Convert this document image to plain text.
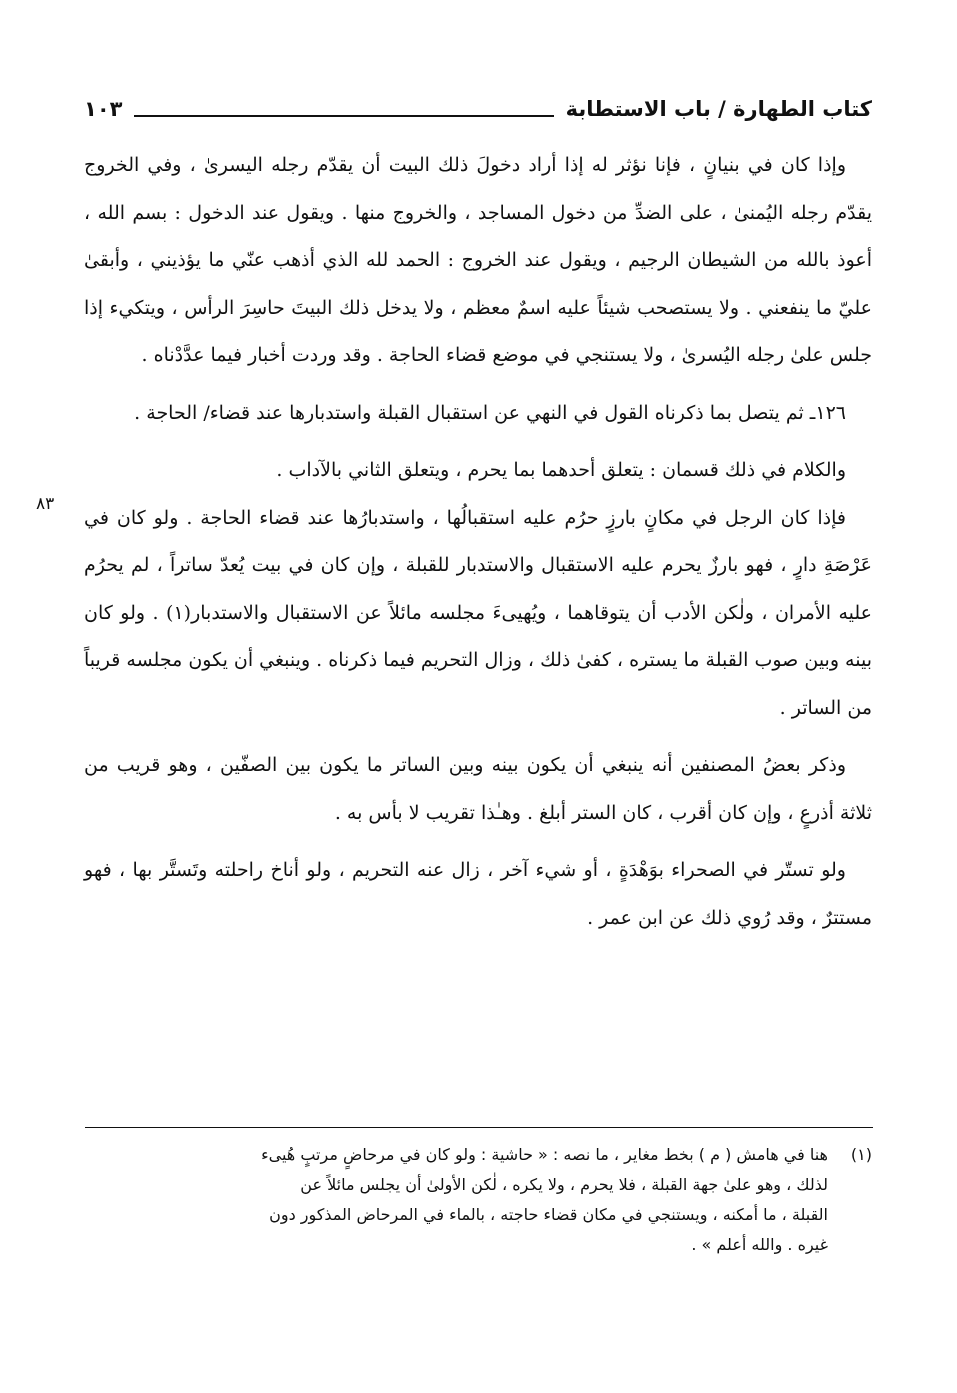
كتاب الطهارة / باب الاستطابة
١٠٣
٨٣

وإذا كان في بنيانٍ ، فإنا نؤثر له إذا أراد دخولَ ذلك البيت أن يقدّم رجله اليسرىٰ ، وفي الخروج يقدّم رجله اليُمنىٰ ، على الضدِّ من دخول المساجد ، والخروج منها . ويقول عند الدخول : بسم الله ، أعوذ بالله من الشيطان الرجيم ، ويقول عند الخروج : الحمد لله الذي أذهب عنّي ما يؤذيني ، وأبقىٰ عليّ ما ينفعني . ولا يستصحب شيئاً عليه اسمٌ معظم ، ولا يدخل ذلك البيتَ حاسِرَ الرأس ، ويتكيء إذا جلس علىٰ رجله اليُسرىٰ ، ولا يستنجي في موضع قضاء الحاجة . وقد وردت أخبار فيما عدَّدْناه .

١٢٦ـ ثم يتصل بما ذكرناه القول في النهي عن استقبال القبلة واستدبارها عند قضاء/ الحاجة .

والكلام في ذلك قسمان : يتعلق أحدهما بما يحرم ، ويتعلق الثاني بالآداب .

فإذا كان الرجل في مكانٍ بارزٍ حرُم عليه استقبالُها ، واستدبارُها عند قضاء الحاجة . ولو كان في عَرْصَةِ دارٍ ، فهو بارزٌ يحرم عليه الاستقبال والاستدبار للقبلة ، وإن كان في بيت يُعدّ ساتراً ، لم يحرُم عليه الأمران ، ولٰكن الأدب أن يتوقاهما ، ويُهيىءَ مجلسه مائلاً عن الاستقبال والاستدبار(١) . ولو كان بينه وبين صوب القبلة ما يستره ، كفىٰ ذلك ، وزال التحريم فيما ذكرناه . وينبغي أن يكون مجلسه قريباً من الساتر .

وذكر بعضُ المصنفين أنه ينبغي أن يكون بينه وبين الساتر ما يكون بين الصفّين ، وهو قريب من ثلاثة أذرعٍ ، وإن كان أقرب ، كان الستر أبلغ . وهـٰذا تقريب لا بأس به .

ولو تستّر في الصحراء بوَهْدَةٍ ، أو شيء آخر ، زال عنه التحريم ، ولو أناخ راحلته وتَستَّر بها ، فهو مستترٌ ، وقد رُوي ذلك عن ابن عمر .

(١)
هنا في هامش ( م ) بخط مغاير ، ما نصه : « حاشية : ولو كان في مرحاضٍ مرتبٍ هُيىء

لذلك ، وهو علىٰ جهة القبلة ، فلا يحرم ، ولا يكره ، لٰكن الأولىٰ أن يجلس مائلاً عن

القبلة ، ما أمكنه ، ويستنجي في مكان قضاء حاجته ، بالماء في المرحاض المذكور دون

غيره . والله أعلم » .
